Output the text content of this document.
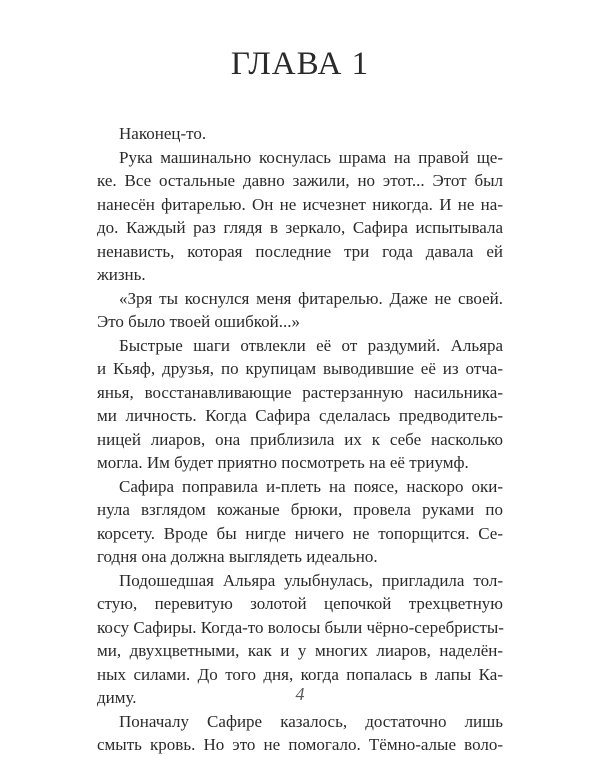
ГЛАВА 1
Наконец-то.
Рука машинально коснулась шрама на правой ще-
ке. Все остальные давно зажили, но этот... Этот был
нанесён фитарелью. Он не исчезнет никогда. И не на-
до. Каждый раз глядя в зеркало, Сафира испытывала
ненависть, которая последние три года давала ей
жизнь.
«Зря ты коснулся меня фитарелью. Даже не своей.
Это было твоей ошибкой...»
Быстрые шаги отвлекли её от раздумий. Альяра
и Кьяф, друзья, по крупицам выводившие её из отча-
янья, восстанавливающие растерзанную насильника-
ми личность. Когда Сафира сделалась предводитель-
ницей лиаров, она приблизила их к себе насколько
могла. Им будет приятно посмотреть на её триумф.
Сафира поправила и-плеть на поясе, наскоро оки-
нула взглядом кожаные брюки, провела руками по
корсету. Вроде бы нигде ничего не топорщится. Се-
годня она должна выглядеть идеально.
Подошедшая Альяра улыбнулась, пригладила тол-
стую, перевитую золотой цепочкой трехцветную
косу Сафиры. Когда-то волосы были чёрно-серебристы-
ми, двухцветными, как и у многих лиаров, наделён-
ных силами. До того дня, когда попалась в лапы Ка-
диму.
Поначалу Сафире казалось, достаточно лишь
смыть кровь. Но это не помогало. Тёмно-алые воло-
4
